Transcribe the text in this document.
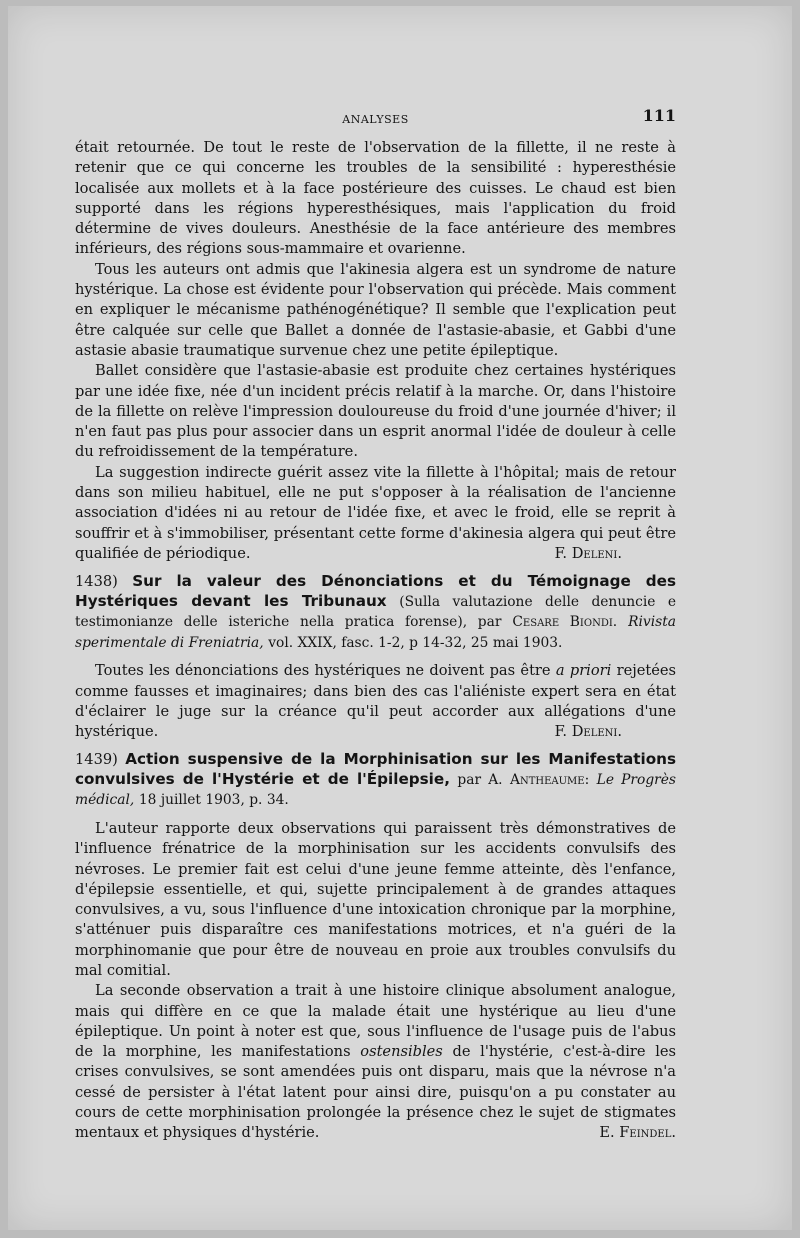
ANALYSES	111

était retournée. De tout le reste de l'observation de la fillette, il ne reste à retenir que ce qui concerne les troubles de la sensibilité : hyperesthésie localisée aux mollets et à la face postérieure des cuisses. Le chaud est bien supporté dans les régions hyperesthésiques, mais l'application du froid détermine de vives douleurs. Anesthésie de la face antérieure des membres inférieurs, des régions sous-mammaire et ovarienne.

Tous les auteurs ont admis que l'akinesia algera est un syndrome de nature hystérique. La chose est évidente pour l'observation qui précède. Mais comment en expliquer le mécanisme pathénogénétique? Il semble que l'explication peut être calquée sur celle que Ballet a donnée de l'astasie-abasie, et Gabbi d'une astasie abasie traumatique survenue chez une petite épileptique.

Ballet considère que l'astasie-abasie est produite chez certaines hystériques par une idée fixe, née d'un incident précis relatif à la marche. Or, dans l'histoire de la fillette on relève l'impression douloureuse du froid d'une journée d'hiver; il n'en faut pas plus pour associer dans un esprit anormal l'idée de douleur à celle du refroidissement de la température.

La suggestion indirecte guérit assez vite la fillette à l'hôpital; mais de retour dans son milieu habituel, elle ne put s'opposer à la réalisation de l'ancienne association d'idées ni au retour de l'idée fixe, et avec le froid, elle se reprit à souffrir et à s'immobiliser, présentant cette forme d'akinesia algera qui peut être qualifiée de périodique.	F. Deleni.

1438) Sur la valeur des Dénonciations et du Témoignage des Hystériques devant les Tribunaux (Sulla valutazione delle denuncie e testimonianze delle isteriche nella pratica forense), par Cesare Biondi. Rivista sperimentale di Freniatria, vol. XXIX, fasc. 1-2, p 14-32, 25 mai 1903.

Toutes les dénonciations des hystériques ne doivent pas être a priori rejetées comme fausses et imaginaires; dans bien des cas l'aliéniste expert sera en état d'éclairer le juge sur la créance qu'il peut accorder aux allégations d'une hystérique.	F. Deleni.

1439) Action suspensive de la Morphinisation sur les Manifestations convulsives de l'Hystérie et de l'Épilepsie, par A. Antheaume: Le Progrès médical, 18 juillet 1903, p. 34.

L'auteur rapporte deux observations qui paraissent très démonstratives de l'influence frénatrice de la morphinisation sur les accidents convulsifs des névroses. Le premier fait est celui d'une jeune femme atteinte, dès l'enfance, d'épilepsie essentielle, et qui, sujette principalement à de grandes attaques convulsives, a vu, sous l'influence d'une intoxication chronique par la morphine, s'atténuer puis disparaître ces manifestations motrices, et n'a guéri de la morphinomanie que pour être de nouveau en proie aux troubles convulsifs du mal comitial.

La seconde observation a trait à une histoire clinique absolument analogue, mais qui diffère en ce que la malade était une hystérique au lieu d'une épileptique. Un point à noter est que, sous l'influence de l'usage puis de l'abus de la morphine, les manifestations ostensibles de l'hystérie, c'est-à-dire les crises convulsives, se sont amendées puis ont disparu, mais que la névrose n'a cessé de persister à l'état latent pour ainsi dire, puisqu'on a pu constater au cours de cette morphinisation prolongée la présence chez le sujet de stigmates mentaux et physiques d'hystérie.	E. Feindel.
